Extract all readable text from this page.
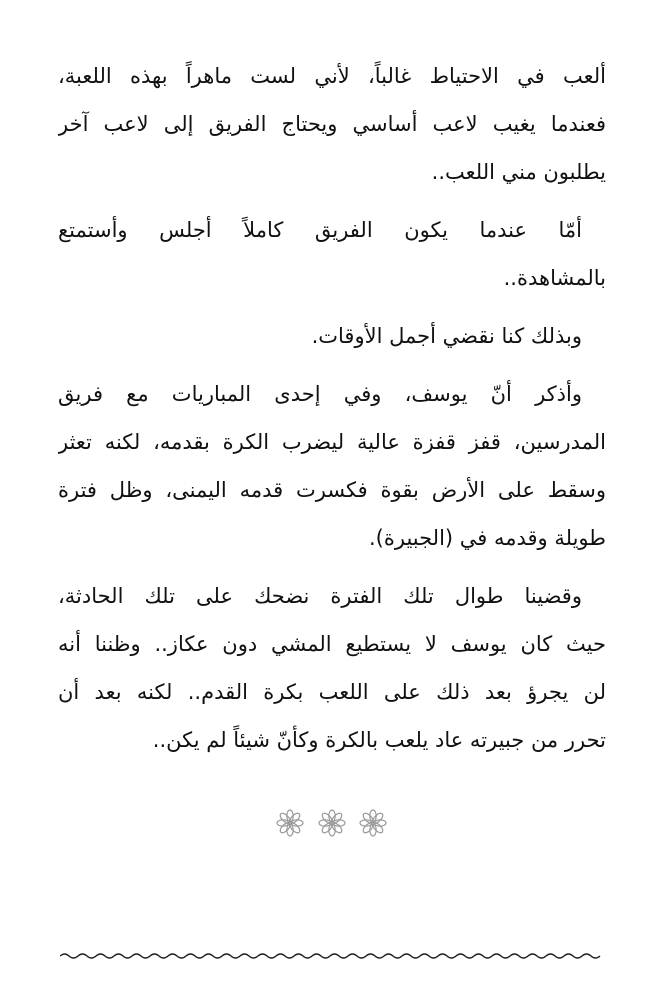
ألعب في الاحتياط غالباً، لأني لست ماهراً بهذه اللعبة،
فعندما يغيب لاعب أساسي ويحتاج الفريق إلى لاعب آخر
يطلبون مني اللعب..

أمّا عندما يكون الفريق كاملاً أجلس وأستمتع
بالمشاهدة..

وبذلك كنا نقضي أجمل الأوقات.

وأذكر أنّ يوسف، وفي إحدى المباريات مع فريق
المدرسين، قفز قفزة عالية ليضرب الكرة بقدمه، لكنه تعثر
وسقط على الأرض بقوة فكسرت قدمه اليمنى، وظل فترة
طويلة وقدمه في (الجبيرة).

وقضينا طوال تلك الفترة نضحك على تلك الحادثة،
حيث كان يوسف لا يستطيع المشي دون عكاز.. وظننا أنه
لن يجرؤ بعد ذلك على اللعب بكرة القدم.. لكنه بعد أن
تحرر من جبيرته عاد يلعب بالكرة وكأنّ شيئاً لم يكن..
